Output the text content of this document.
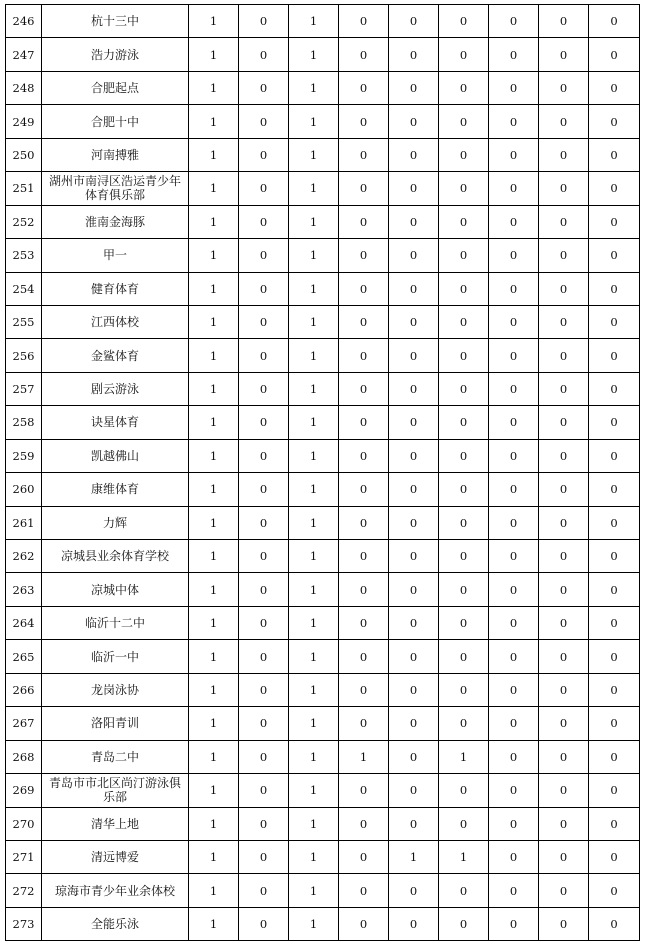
246	杭十三中	1	0	1	0	0	0	0	0	0
247	浩力游泳	1	0	1	0	0	0	0	0	0
248	合肥起点	1	0	1	0	0	0	0	0	0
249	合肥十中	1	0	1	0	0	0	0	0	0
250	河南搏雅	1	0	1	0	0	0	0	0	0
251	湖州市南浔区浩运青少年体育俱乐部	1	0	1	0	0	0	0	0	0
252	淮南金海豚	1	0	1	0	0	0	0	0	0
253	甲一	1	0	1	0	0	0	0	0	0
254	健育体育	1	0	1	0	0	0	0	0	0
255	江西体校	1	0	1	0	0	0	0	0	0
256	金鲨体育	1	0	1	0	0	0	0	0	0
257	剧云游泳	1	0	1	0	0	0	0	0	0
258	诀星体育	1	0	1	0	0	0	0	0	0
259	凯越佛山	1	0	1	0	0	0	0	0	0
260	康维体育	1	0	1	0	0	0	0	0	0
261	力辉	1	0	1	0	0	0	0	0	0
262	凉城县业余体育学校	1	0	1	0	0	0	0	0	0
263	凉城中体	1	0	1	0	0	0	0	0	0
264	临沂十二中	1	0	1	0	0	0	0	0	0
265	临沂一中	1	0	1	0	0	0	0	0	0
266	龙岗泳协	1	0	1	0	0	0	0	0	0
267	洛阳青训	1	0	1	0	0	0	0	0	0
268	青岛二中	1	0	1	1	0	1	0	0	0
269	青岛市市北区尚汀游泳俱乐部	1	0	1	0	0	0	0	0	0
270	清华上地	1	0	1	0	0	0	0	0	0
271	清远博爱	1	0	1	0	1	1	0	0	0
272	琼海市青少年业余体校	1	0	1	0	0	0	0	0	0
273	全能乐泳	1	0	1	0	0	0	0	0	0
